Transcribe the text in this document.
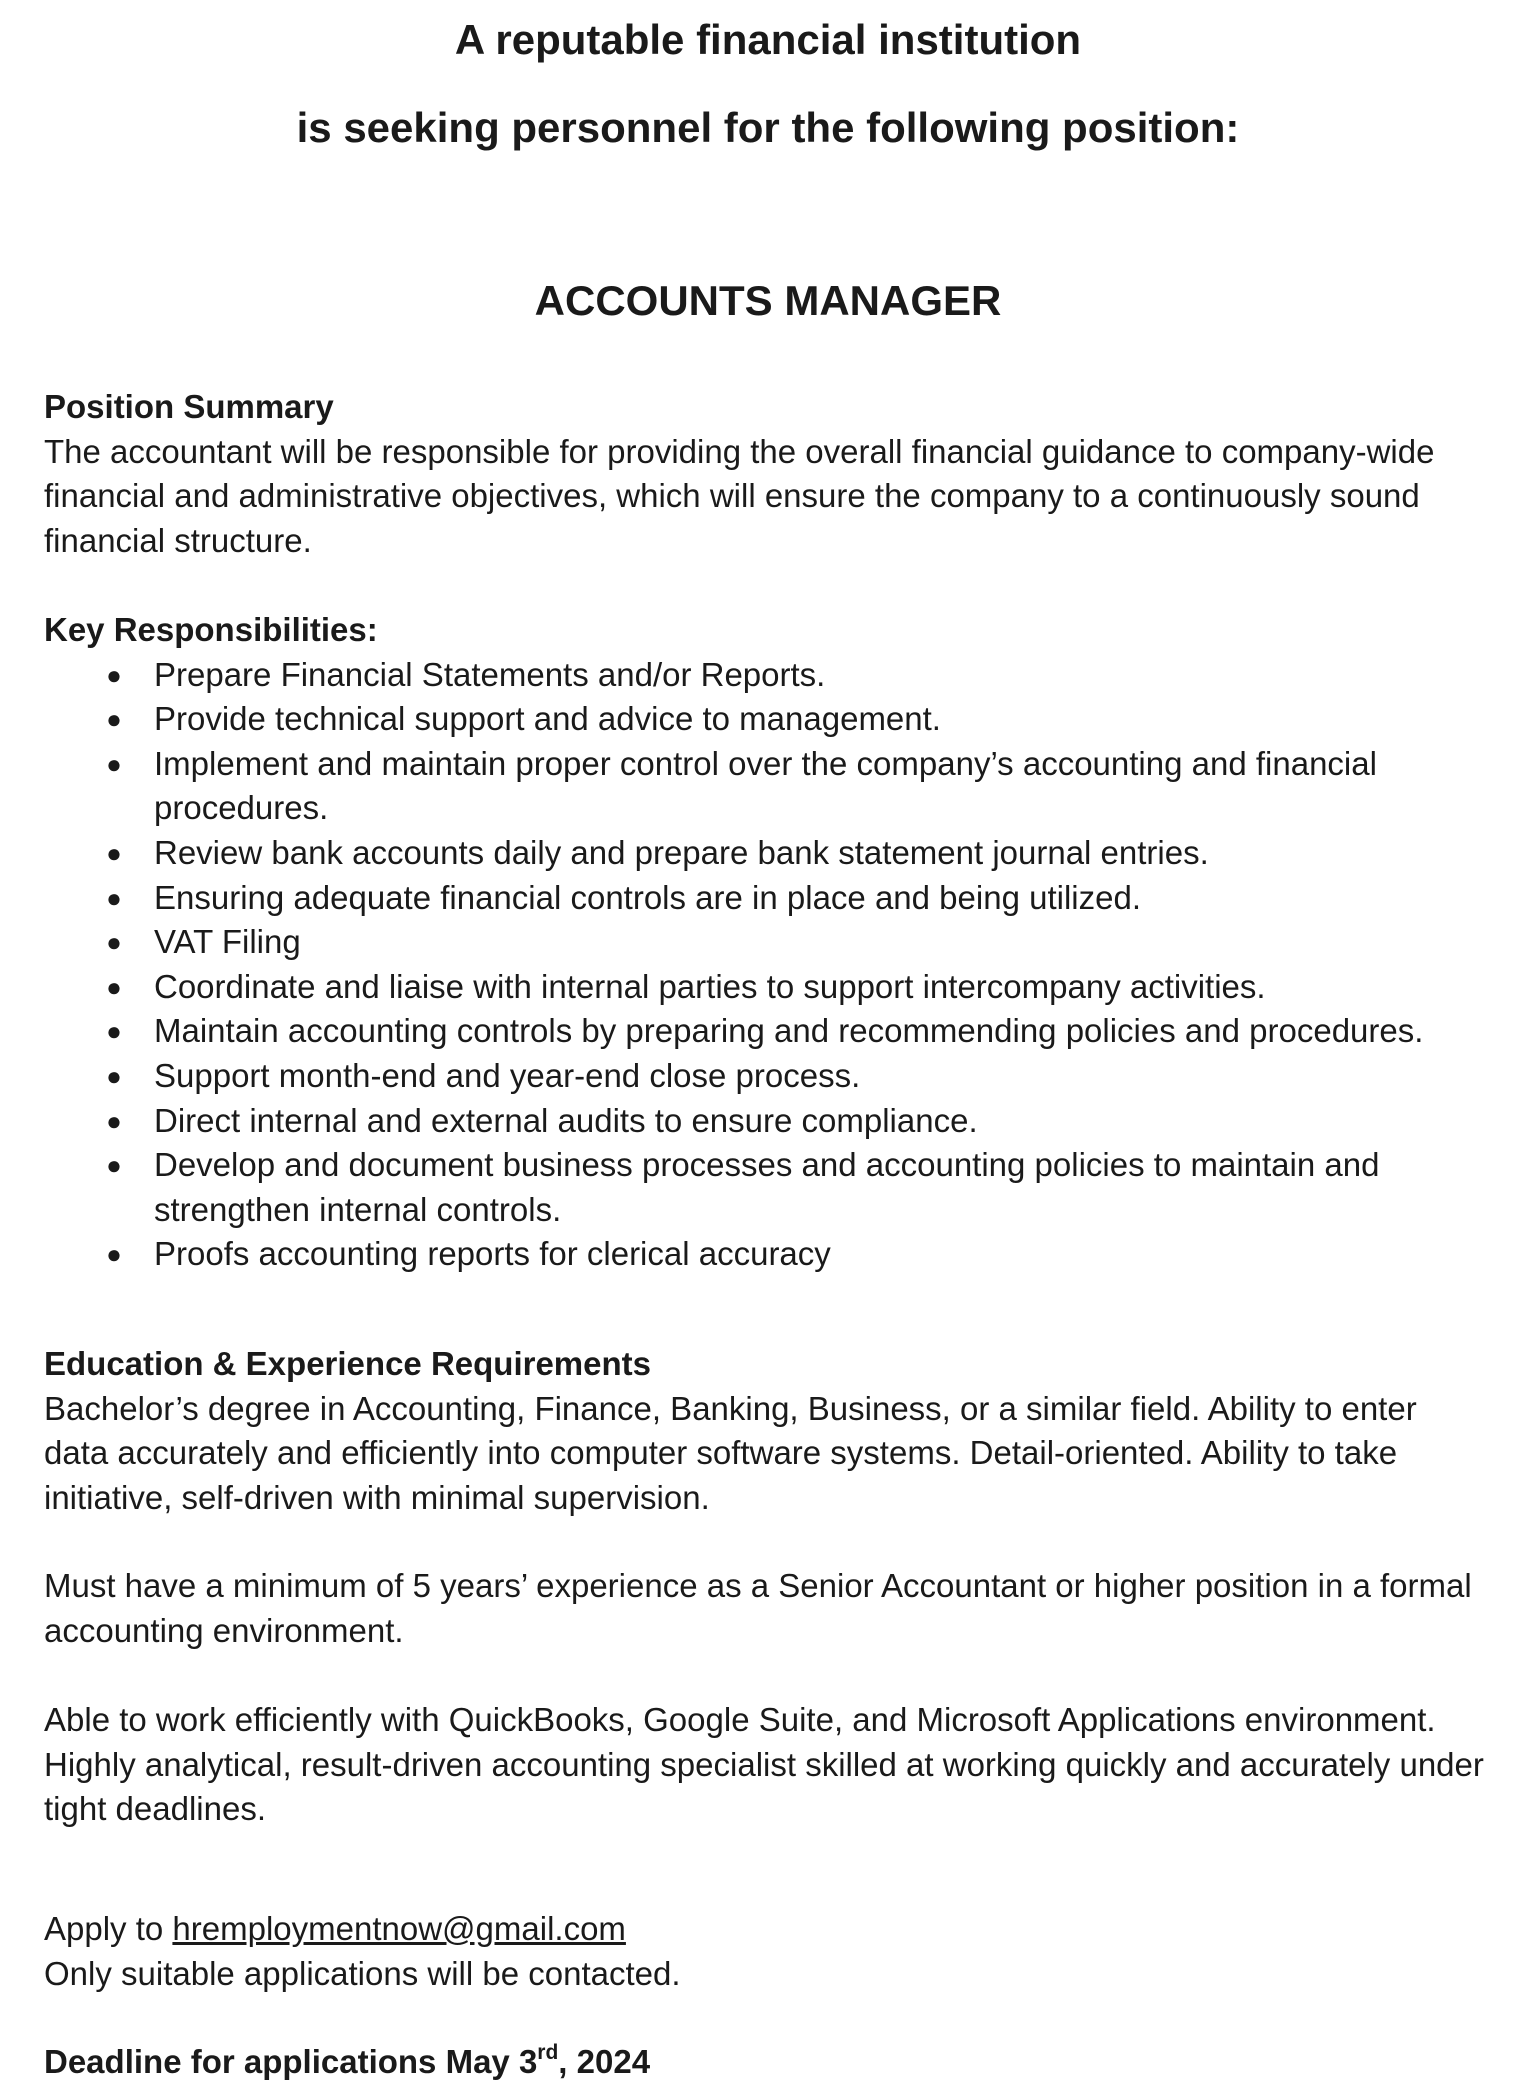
A reputable financial institution
is seeking personnel for the following position:
ACCOUNTS MANAGER
Position Summary

The accountant will be responsible for providing the overall financial guidance to company-wide financial and administrative objectives, which will ensure the company to a continuously sound financial structure.

Key Responsibilities:
● Prepare Financial Statements and/or Reports.
● Provide technical support and advice to management.
● Implement and maintain proper control over the company’s accounting and financial procedures.
● Review bank accounts daily and prepare bank statement journal entries.
● Ensuring adequate financial controls are in place and being utilized.
● VAT Filing
● Coordinate and liaise with internal parties to support intercompany activities.
● Maintain accounting controls by preparing and recommending policies and procedures.
● Support month-end and year-end close process.
● Direct internal and external audits to ensure compliance.
● Develop and document business processes and accounting policies to maintain and strengthen internal controls.
● Proofs accounting reports for clerical accuracy
Education & Experience Requirements

Bachelor’s degree in Accounting, Finance, Banking, Business, or a similar field. Ability to enter data accurately and efficiently into computer software systems. Detail-oriented. Ability to take initiative, self-driven with minimal supervision.

Must have a minimum of 5 years’ experience as a Senior Accountant or higher position in a formal accounting environment.

Able to work efficiently with QuickBooks, Google Suite, and Microsoft Applications environment. Highly analytical, result-driven accounting specialist skilled at working quickly and accurately under tight deadlines.

Apply to hremploymentnow@gmail.com
Only suitable applications will be contacted.
Deadline for applications May 3rd, 2024
